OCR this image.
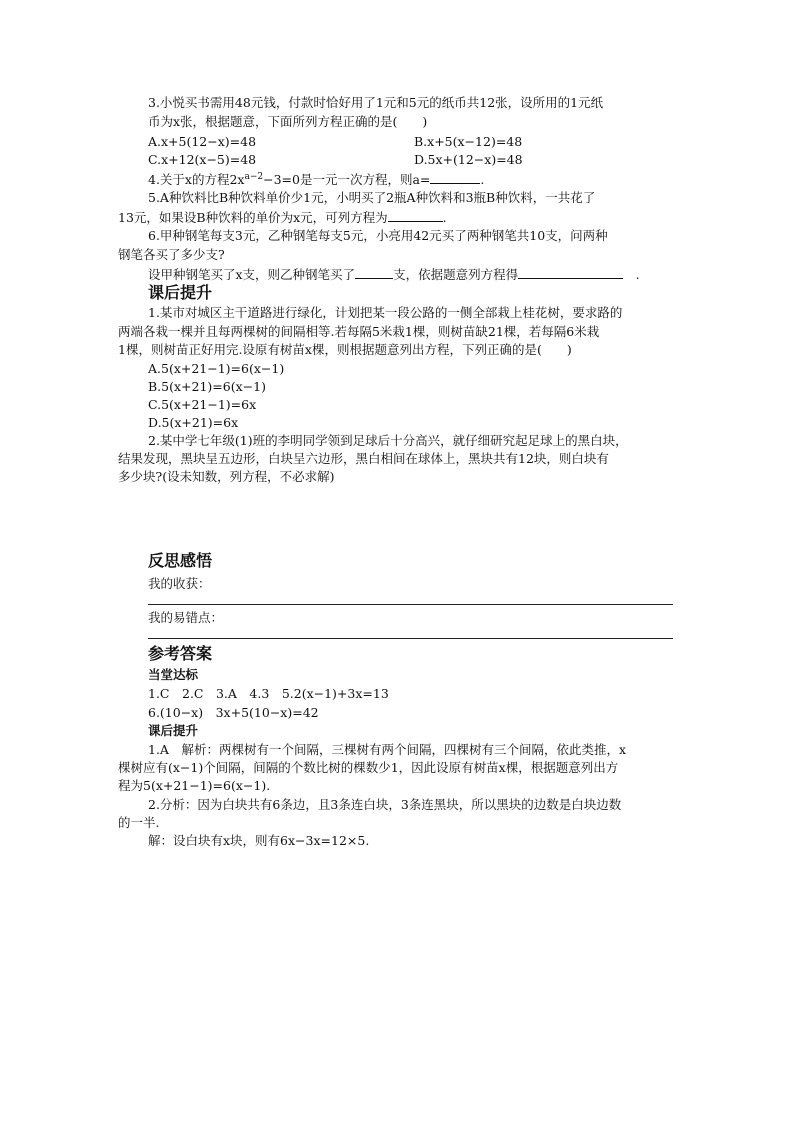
3.小悦买书需用48元钱，付款时恰好用了1元和5元的纸币共12张，设所用的1元纸
币为x张，根据题意，下面所列方程正确的是(　　)
A.x+5(12−x)=48	B.x+5(x−12)=48
C.x+12(x−5)=48	D.5x+(12−x)=48
4.关于x的方程$2x^{a-2}-3=0$是一元一次方程，则a=	.
5.A种饮料比B种饮料单价少1元，小明买了2瓶A种饮料和3瓶B种饮料，一共花了
13元，如果设B种饮料的单价为x元，可列方程为	.
6.甲种钢笔每支3元，乙种钢笔每支5元，小亮用42元买了两种钢笔共10支，问两种
钢笔各买了多少支?
设甲种钢笔买了x支，则乙种钢笔买了	支，依据题意列方程得	　.
课后提升
1.某市对城区主干道路进行绿化，计划把某一段公路的一侧全部栽上桂花树，要求路的
两端各栽一棵并且每两棵树的间隔相等.若每隔5米栽1棵，则树苗缺21棵，若每隔6米栽
1棵，则树苗正好用完.设原有树苗x棵，则根据题意列出方程，下列正确的是(　　)
A.5(x+21−1)=6(x−1)
B.5(x+21)=6(x−1)
C.5(x+21−1)=6x
D.5(x+21)=6x
2.某中学七年级(1)班的李明同学领到足球后十分高兴，就仔细研究起足球上的黑白块，
结果发现，黑块呈五边形，白块呈六边形，黑白相间在球体上，黑块共有12块，则白块有
多少块?(设未知数，列方程，不必求解)
反思感悟
我的收获：
我的易错点：
参考答案
当堂达标
1.C　2.C　3.A　4.3　5.2(x−1)+3x=13
6.(10−x)　3x+5(10−x)=42
课后提升
1.A　解析：两棵树有一个间隔，三棵树有两个间隔，四棵树有三个间隔，依此类推，x
棵树应有(x−1)个间隔，间隔的个数比树的棵数少1，因此设原有树苗x棵，根据题意列出方
程为5(x+21−1)=6(x−1).
2.分析：因为白块共有6条边，且3条连白块，3条连黑块，所以黑块的边数是白块边数
的一半.
解：设白块有x块，则有6x−3x=12×5.
